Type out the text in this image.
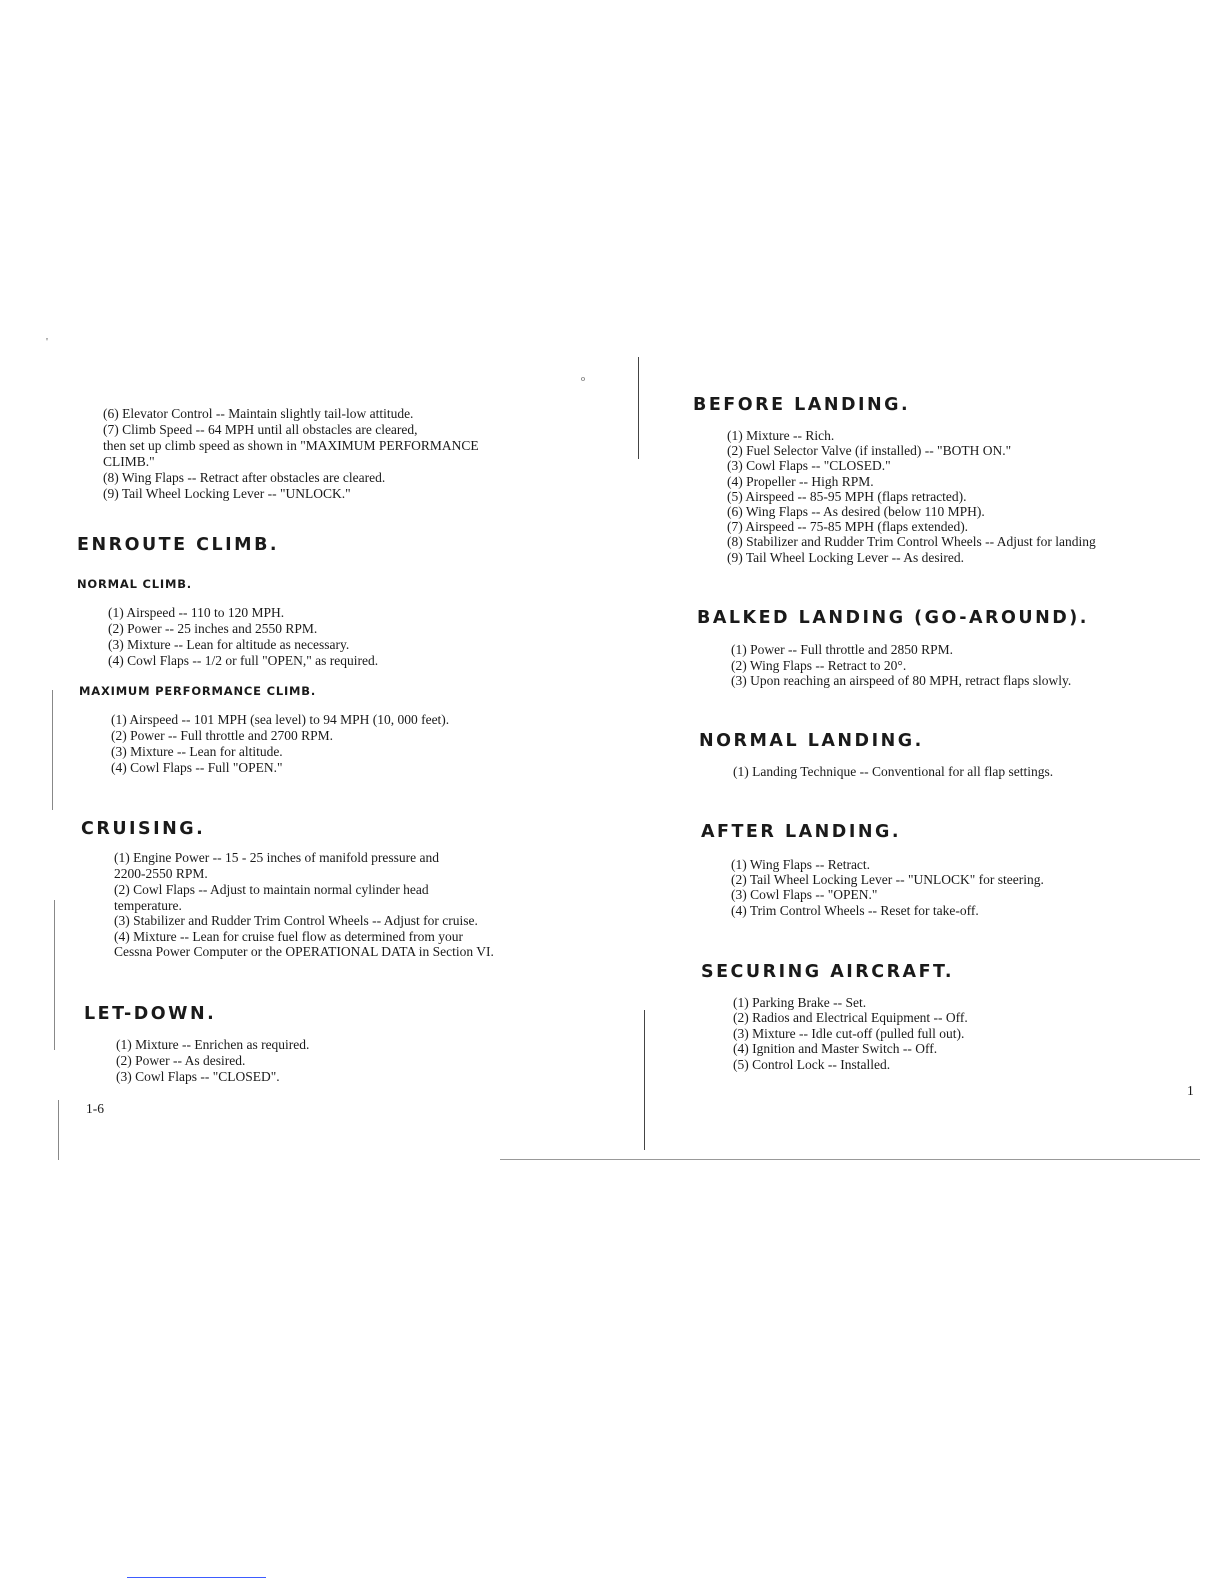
'
o
(6) Elevator Control -- Maintain slightly tail-low attitude.
(7) Climb Speed -- 64 MPH until all obstacles are cleared,
then set up climb speed as shown in "MAXIMUM PERFORMANCE
CLIMB."
(8) Wing Flaps -- Retract after obstacles are cleared.
(9) Tail Wheel Locking Lever -- "UNLOCK."
ENROUTE CLIMB.
NORMAL CLIMB.
(1) Airspeed -- 110 to 120 MPH.
(2) Power -- 25 inches and 2550 RPM.
(3) Mixture -- Lean for altitude as necessary.
(4) Cowl Flaps -- 1/2 or full "OPEN," as required.
MAXIMUM PERFORMANCE CLIMB.
(1) Airspeed -- 101 MPH (sea level) to 94 MPH (10, 000 feet).
(2) Power -- Full throttle and 2700 RPM.
(3) Mixture -- Lean for altitude.
(4) Cowl Flaps -- Full "OPEN."
CRUISING.
(1) Engine Power -- 15 - 25 inches of manifold pressure and
2200-2550 RPM.
(2) Cowl Flaps -- Adjust to maintain normal cylinder head
temperature.
(3) Stabilizer and Rudder Trim Control Wheels -- Adjust for cruise.
(4) Mixture -- Lean for cruise fuel flow as determined from your
Cessna Power Computer or the OPERATIONAL DATA in Section VI.
LET-DOWN.
(1) Mixture -- Enrichen as required.
(2) Power -- As desired.
(3) Cowl Flaps -- "CLOSED".
1-6
BEFORE LANDING.
(1) Mixture -- Rich.
(2) Fuel Selector Valve (if installed) -- "BOTH ON."
(3) Cowl Flaps -- "CLOSED."
(4) Propeller -- High RPM.
(5) Airspeed -- 85-95 MPH (flaps retracted).
(6) Wing Flaps -- As desired (below 110 MPH).
(7) Airspeed -- 75-85 MPH (flaps extended).
(8) Stabilizer and Rudder Trim Control Wheels -- Adjust for landing
(9) Tail Wheel Locking Lever -- As desired.
BALKED LANDING (GO-AROUND).
(1) Power -- Full throttle and 2850 RPM.
(2) Wing Flaps -- Retract to 20°.
(3) Upon reaching an airspeed of 80 MPH, retract flaps slowly.
NORMAL LANDING.
(1) Landing Technique -- Conventional for all flap settings.
AFTER LANDING.
(1) Wing Flaps -- Retract.
(2) Tail Wheel Locking Lever -- "UNLOCK" for steering.
(3) Cowl Flaps -- "OPEN."
(4) Trim Control Wheels -- Reset for take-off.
SECURING AIRCRAFT.
(1) Parking Brake -- Set.
(2) Radios and Electrical Equipment -- Off.
(3) Mixture -- Idle cut-off (pulled full out).
(4) Ignition and Master Switch -- Off.
(5) Control Lock -- Installed.
1
